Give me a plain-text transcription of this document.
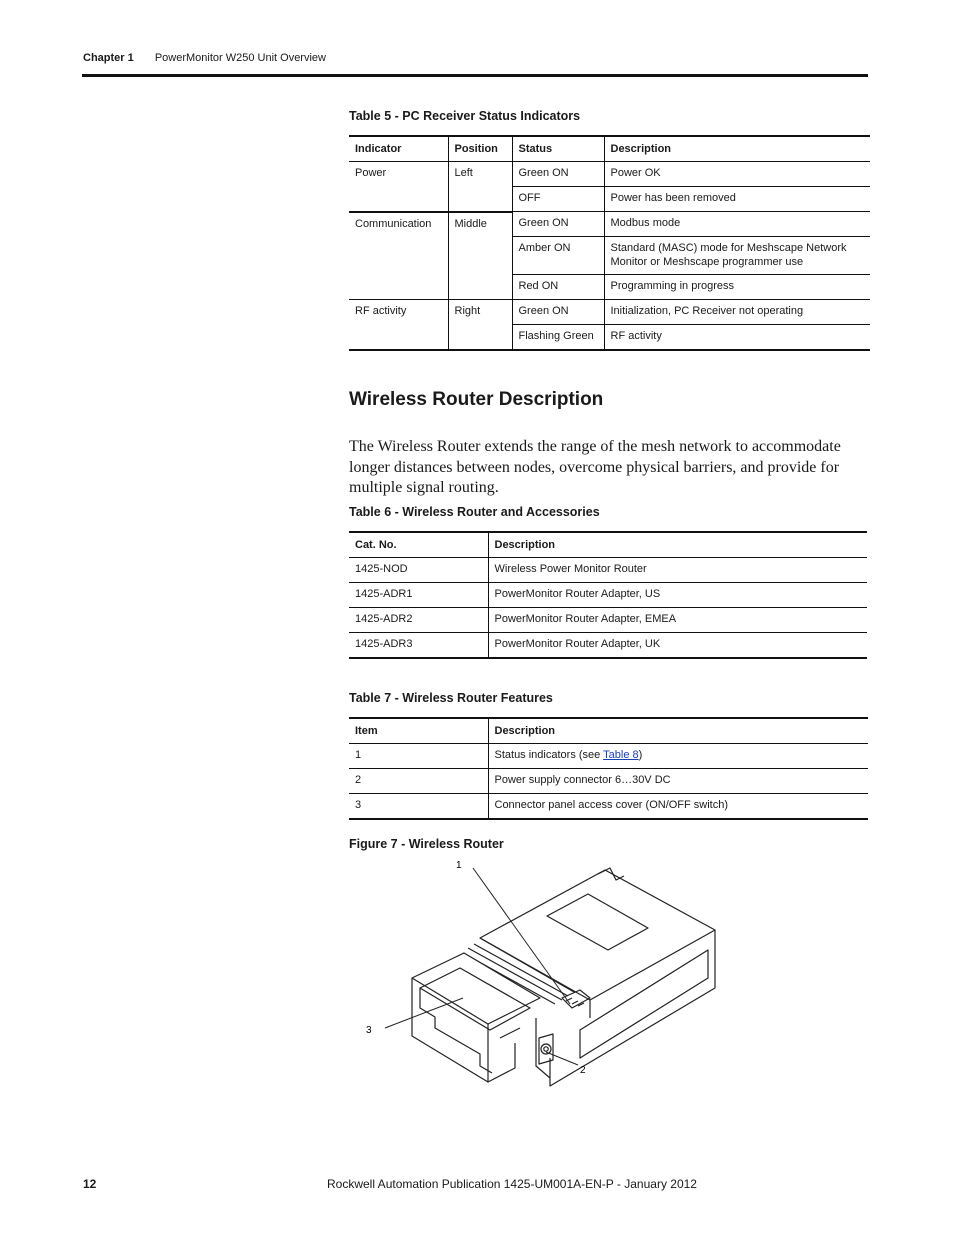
Chapter 1 PowerMonitor W250 Unit Overview
Table 5 - PC Receiver Status Indicators
Indicator	Position	Status	Description
Power	Left	Green ON	Power OK
		OFF	Power has been removed
Communication	Middle	Green ON	Modbus mode
		Amber ON	Standard (MASC) mode for Meshscape Network Monitor or Meshscape programmer use
		Red ON	Programming in progress
RF activity	Right	Green ON	Initialization, PC Receiver not operating
		Flashing Green	RF activity
Wireless Router Description
The Wireless Router extends the range of the mesh network to accommodate longer distances between nodes, overcome physical barriers, and provide for multiple signal routing.
Table 6 - Wireless Router and Accessories
Cat. No.	Description
1425-NOD	Wireless Power Monitor Router
1425-ADR1	PowerMonitor Router Adapter, US
1425-ADR2	PowerMonitor Router Adapter, EMEA
1425-ADR3	PowerMonitor Router Adapter, UK
Table 7 - Wireless Router Features
Item	Description
1	Status indicators (see Table 8)
2	Power supply connector 6…30V DC
3	Connector panel access cover (ON/OFF switch)
Figure 7 - Wireless Router
1
3
2
12	Rockwell Automation Publication 1425-UM001A-EN-P - January 2012
